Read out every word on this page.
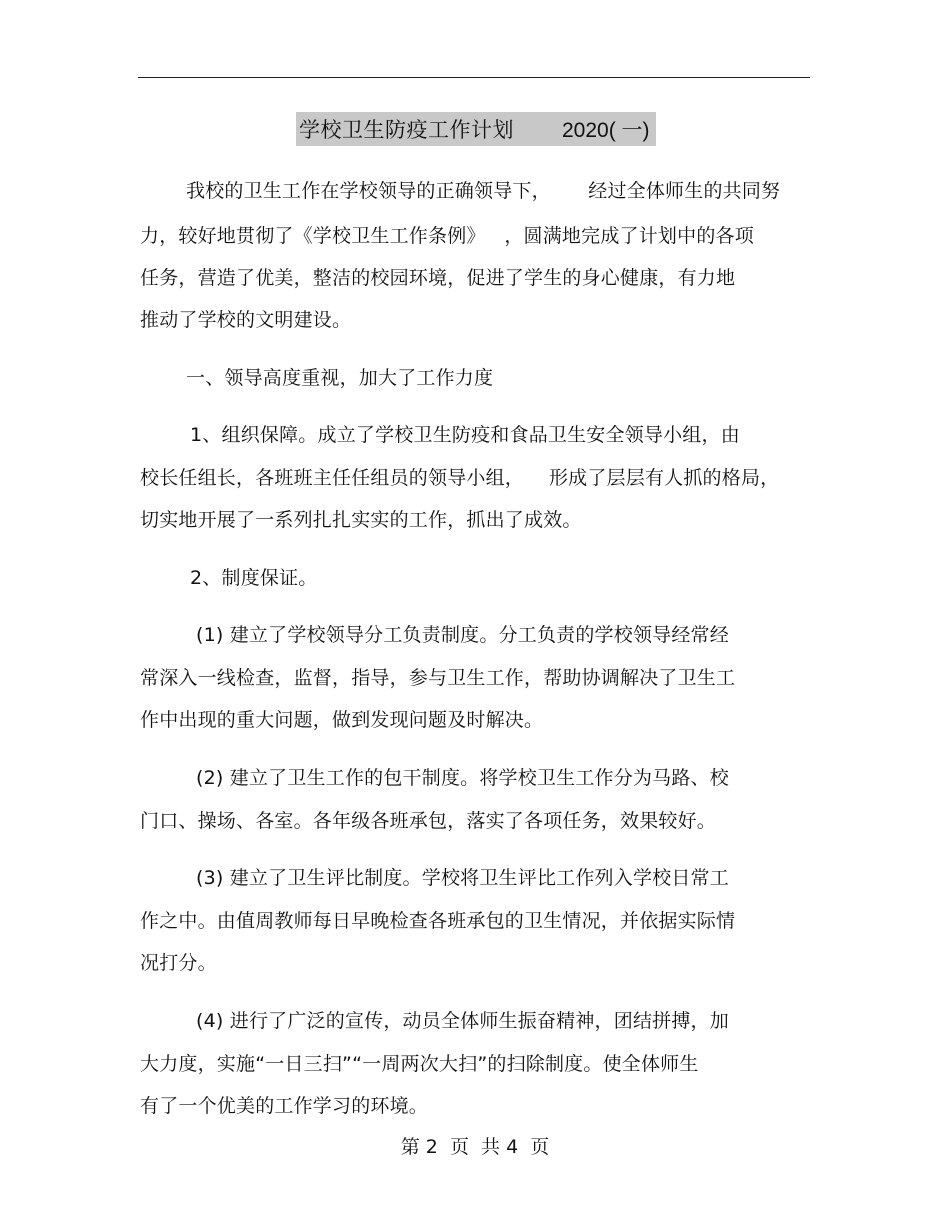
学校卫生防疫工作计划 2020( 一)
我校的卫生工作在学校领导的正确领导下，      经过全体师生的共同努
力，较好地贯彻了《学校卫生工作条例》   ，圆满地完成了计划中的各项
任务，营造了优美，整洁的校园环境，促进了学生的身心健康，有力地
推动了学校的文明建设。
一、领导高度重视，加大了工作力度
1、组织保障。成立了学校卫生防疫和食品卫生安全领导小组，由
校长任组长，各班班主任任组员的领导小组，    形成了层层有人抓的格局，
切实地开展了一系列扎扎实实的工作，抓出了成效。
2、制度保证。
(1) 建立了学校领导分工负责制度。分工负责的学校领导经常经
常深入一线检查，监督，指导，参与卫生工作，帮助协调解决了卫生工
作中出现的重大问题，做到发现问题及时解决。
(2) 建立了卫生工作的包干制度。将学校卫生工作分为马路、校
门口、操场、各室。各年级各班承包，落实了各项任务，效果较好。
(3) 建立了卫生评比制度。学校将卫生评比工作列入学校日常工
作之中。由值周教师每日早晚检查各班承包的卫生情况，并依据实际情
况打分。
(4) 进行了广泛的宣传，动员全体师生振奋精神，团结拼搏，加
大力度，实施“一日三扫”“一周两次大扫”的扫除制度。使全体师生
有了一个优美的工作学习的环境。
第 2  页  共 4  页
